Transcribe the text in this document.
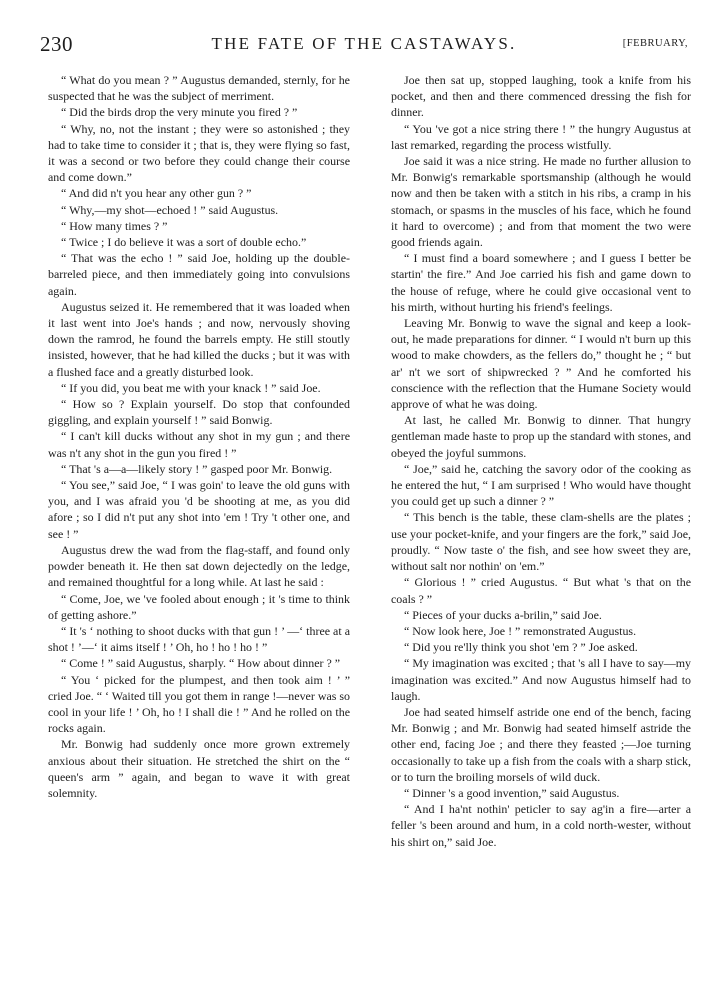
230	THE FATE OF THE CASTAWAYS.	[FEBRUARY,

“ What do you mean ? ” Augustus demanded, sternly, for he suspected that he was the subject of merriment.

“ Did the birds drop the very minute you fired ? ”

“ Why, no, not the instant ; they were so astonished ; they had to take time to consider it ; that is, they were flying so fast, it was a second or two before they could change their course and come down.”

“ And did n't you hear any other gun ? ”

“ Why,—my shot—echoed ! ” said Augustus.

“ How many times ? ”

“ Twice ; I do believe it was a sort of double echo.”

“ That was the echo ! ” said Joe, holding up the double-barreled piece, and then immediately going into convulsions again.

Augustus seized it. He remembered that it was loaded when it last went into Joe's hands ; and now, nervously shoving down the ramrod, he found the barrels empty. He still stoutly insisted, however, that he had killed the ducks ; but it was with a flushed face and a greatly disturbed look.

“ If you did, you beat me with your knack ! ” said Joe.

“ How so ? Explain yourself. Do stop that confounded giggling, and explain yourself ! ” said Bonwig.

“ I can't kill ducks without any shot in my gun ; and there was n't any shot in the gun you fired ! ”

“ That 's a—a—likely story ! ” gasped poor Mr. Bonwig.

“ You see,” said Joe, “ I was goin' to leave the old guns with you, and I was afraid you 'd be shooting at me, as you did afore ; so I did n't put any shot into 'em ! Try 't other one, and see ! ”

Augustus drew the wad from the flag-staff, and found only powder beneath it. He then sat down dejectedly on the ledge, and remained thoughtful for a long while. At last he said :

“ Come, Joe, we 've fooled about enough ; it 's time to think of getting ashore.”

“ It 's ‘ nothing to shoot ducks with that gun ! ’ —‘ three at a shot ! ’—‘ it aims itself ! ’ Oh, ho ! ho ! ho ! ”

“ Come ! ” said Augustus, sharply. “ How about dinner ? ”

“ You ‘ picked for the plumpest, and then took aim ! ’ ” cried Joe. “ ‘ Waited till you got them in range !—never was so cool in your life ! ’ Oh, ho ! I shall die ! ” And he rolled on the rocks again.

Mr. Bonwig had suddenly once more grown extremely anxious about their situation. He stretched the shirt on the “ queen's arm ” again, and began to wave it with great solemnity.

Joe then sat up, stopped laughing, took a knife from his pocket, and then and there commenced dressing the fish for dinner.

“ You 've got a nice string there ! ” the hungry Augustus at last remarked, regarding the process wistfully.

Joe said it was a nice string. He made no further allusion to Mr. Bonwig's remarkable sportsmanship (although he would now and then be taken with a stitch in his ribs, a cramp in his stomach, or spasms in the muscles of his face, which he found it hard to overcome) ; and from that moment the two were good friends again.

“ I must find a board somewhere ; and I guess I better be startin' the fire.” And Joe carried his fish and game down to the house of refuge, where he could give occasional vent to his mirth, without hurting his friend's feelings.

Leaving Mr. Bonwig to wave the signal and keep a look-out, he made preparations for dinner. “ I would n't burn up this wood to make chowders, as the fellers do,” thought he ; “ but ar' n't we sort of shipwrecked ? ” And he comforted his conscience with the reflection that the Humane Society would approve of what he was doing.

At last, he called Mr. Bonwig to dinner. That hungry gentleman made haste to prop up the standard with stones, and obeyed the joyful summons.

“ Joe,” said he, catching the savory odor of the cooking as he entered the hut, “ I am surprised ! Who would have thought you could get up such a dinner ? ”

“ This bench is the table, these clam-shells are the plates ; use your pocket-knife, and your fingers are the fork,” said Joe, proudly. “ Now taste o' the fish, and see how sweet they are, without salt nor nothin' on 'em.”

“ Glorious ! ” cried Augustus. “ But what 's that on the coals ? ”

“ Pieces of your ducks a-brilin,” said Joe.

“ Now look here, Joe ! ” remonstrated Augustus.

“ Did you re'lly think you shot 'em ? ” Joe asked.

“ My imagination was excited ; that 's all I have to say—my imagination was excited.” And now Augustus himself had to laugh.

Joe had seated himself astride one end of the bench, facing Mr. Bonwig ; and Mr. Bonwig had seated himself astride the other end, facing Joe ; and there they feasted ;—Joe turning occasionally to take up a fish from the coals with a sharp stick, or to turn the broiling morsels of wild duck.

“ Dinner 's a good invention,” said Augustus.

“ And I ha'nt nothin' peticler to say ag'in a fire—arter a feller 's been around and hum, in a cold north-wester, without his shirt on,” said Joe.
